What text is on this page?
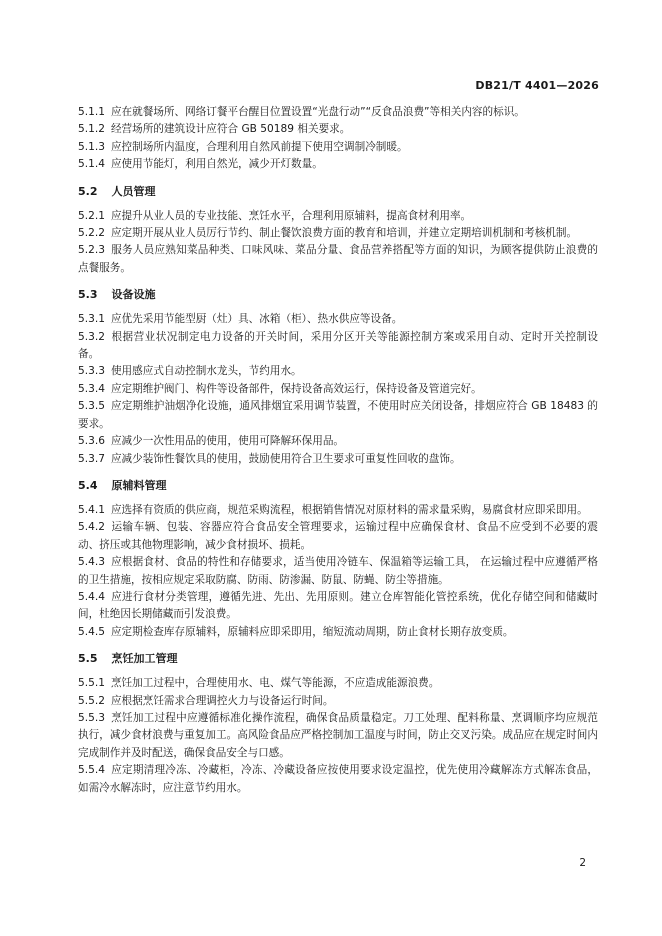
DB21/T 4401—2026

5.1.1 应在就餐场所、网络订餐平台醒目位置设置“光盘行动”“反食品浪费”等相关内容的标识。

5.1.2 经营场所的建筑设计应符合 GB 50189 相关要求。

5.1.3 应控制场所内温度，合理利用自然风前提下使用空调制冷制暖。

5.1.4 应使用节能灯，利用自然光，减少开灯数量。

5.2 人员管理

5.2.1 应提升从业人员的专业技能、烹饪水平，合理利用原辅料，提高食材利用率。

5.2.2 应定期开展从业人员厉行节约、制止餐饮浪费方面的教育和培训，并建立定期培训机制和考核机制。

5.2.3 服务人员应熟知菜品种类、口味风味、菜品分量、食品营养搭配等方面的知识，为顾客提供防止浪费的点餐服务。

5.3 设备设施

5.3.1 应优先采用节能型厨（灶）具、冰箱（柜）、热水供应等设备。

5.3.2 根据营业状况制定电力设备的开关时间，采用分区开关等能源控制方案或采用自动、定时开关控制设备。

5.3.3 使用感应式自动控制水龙头，节约用水。

5.3.4 应定期维护阀门、构件等设备部件，保持设备高效运行，保持设备及管道完好。

5.3.5 应定期维护油烟净化设施，通风排烟宜采用调节装置，不使用时应关闭设备，排烟应符合 GB 18483 的要求。

5.3.6 应减少一次性用品的使用，使用可降解环保用品。

5.3.7 应减少装饰性餐饮具的使用，鼓励使用符合卫生要求可重复性回收的盘饰。

5.4 原辅料管理

5.4.1 应选择有资质的供应商，规范采购流程，根据销售情况对原材料的需求量采购，易腐食材应即采即用。

5.4.2 运输车辆、包装、容器应符合食品安全管理要求，运输过程中应确保食材、食品不应受到不必要的震动、挤压或其他物理影响，减少食材损坏、损耗。

5.4.3 应根据食材、食品的特性和存储要求，适当使用冷链车、保温箱等运输工具， 在运输过程中应遵循严格的卫生措施，按相应规定采取防腐、防雨、防渗漏、防鼠、防蝇、防尘等措施。

5.4.4 应进行食材分类管理，遵循先进、先出、先用原则。建立仓库智能化管控系统，优化存储空间和储藏时间，杜绝因长期储藏而引发浪费。

5.4.5 应定期检查库存原辅料，原辅料应即采即用，缩短流动周期，防止食材长期存放变质。

5.5 烹饪加工管理

5.5.1 烹饪加工过程中，合理使用水、电、煤气等能源，不应造成能源浪费。

5.5.2 应根据烹饪需求合理调控火力与设备运行时间。

5.5.3 烹饪加工过程中应遵循标准化操作流程，确保食品质量稳定。刀工处理、配料称量、烹调顺序均应规范执行，减少食材浪费与重复加工。高风险食品应严格控制加工温度与时间，防止交叉污染。成品应在规定时间内完成制作并及时配送，确保食品安全与口感。

5.5.4 应定期清理冷冻、冷藏柜，冷冻、冷藏设备应按使用要求设定温控，优先使用冷藏解冻方式解冻食品，如需冷水解冻时，应注意节约用水。

2
